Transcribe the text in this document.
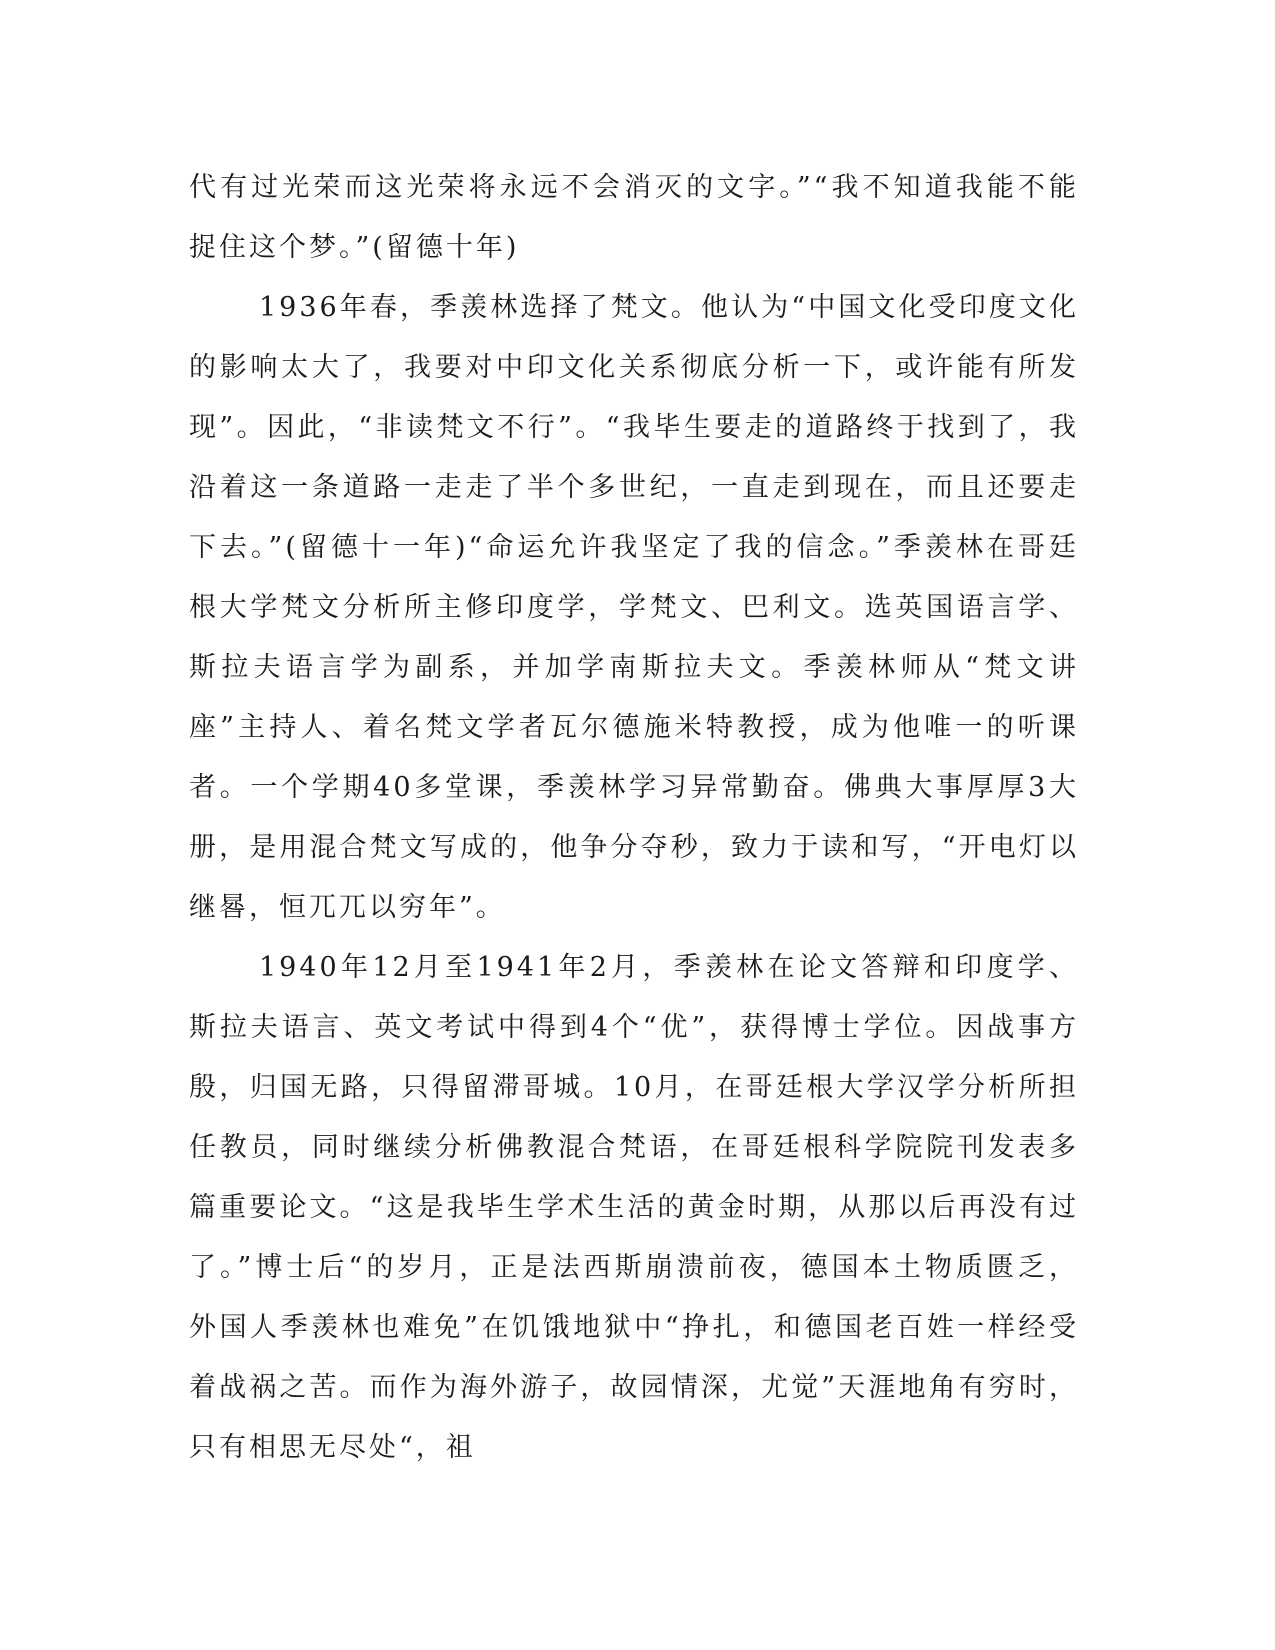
代有过光荣而这光荣将永远不会消灭的文字。”“我不知道我能不能捉住这个梦。”(留德十年)

1936年春，季羡林选择了梵文。他认为“中国文化受印度文化的影响太大了，我要对中印文化关系彻底分析一下，或许能有所发现”。因此，“非读梵文不行”。“我毕生要走的道路终于找到了，我沿着这一条道路一走走了半个多世纪，一直走到现在，而且还要走下去。”(留德十一年)“命运允许我坚定了我的信念。”季羡林在哥廷根大学梵文分析所主修印度学，学梵文、巴利文。选英国语言学、斯拉夫语言学为副系，并加学南斯拉夫文。季羡林师从“梵文讲座”主持人、着名梵文学者瓦尔德施米特教授，成为他唯一的听课者。一个学期40多堂课，季羡林学习异常勤奋。佛典大事厚厚3大册，是用混合梵文写成的，他争分夺秒，致力于读和写，“开电灯以继晷，恒兀兀以穷年”。

1940年12月至1941年2月，季羡林在论文答辩和印度学、斯拉夫语言、英文考试中得到4个“优”，获得博士学位。因战事方殷，归国无路，只得留滞哥城。10月，在哥廷根大学汉学分析所担任教员，同时继续分析佛教混合梵语，在哥廷根科学院院刊发表多篇重要论文。“这是我毕生学术生活的黄金时期，从那以后再没有过了。”博士后“的岁月，正是法西斯崩溃前夜，德国本土物质匮乏，外国人季羡林也难免”在饥饿地狱中“挣扎，和德国老百姓一样经受着战祸之苦。而作为海外游子，故园情深，尤觉”天涯地角有穷时，只有相思无尽处“，祖
